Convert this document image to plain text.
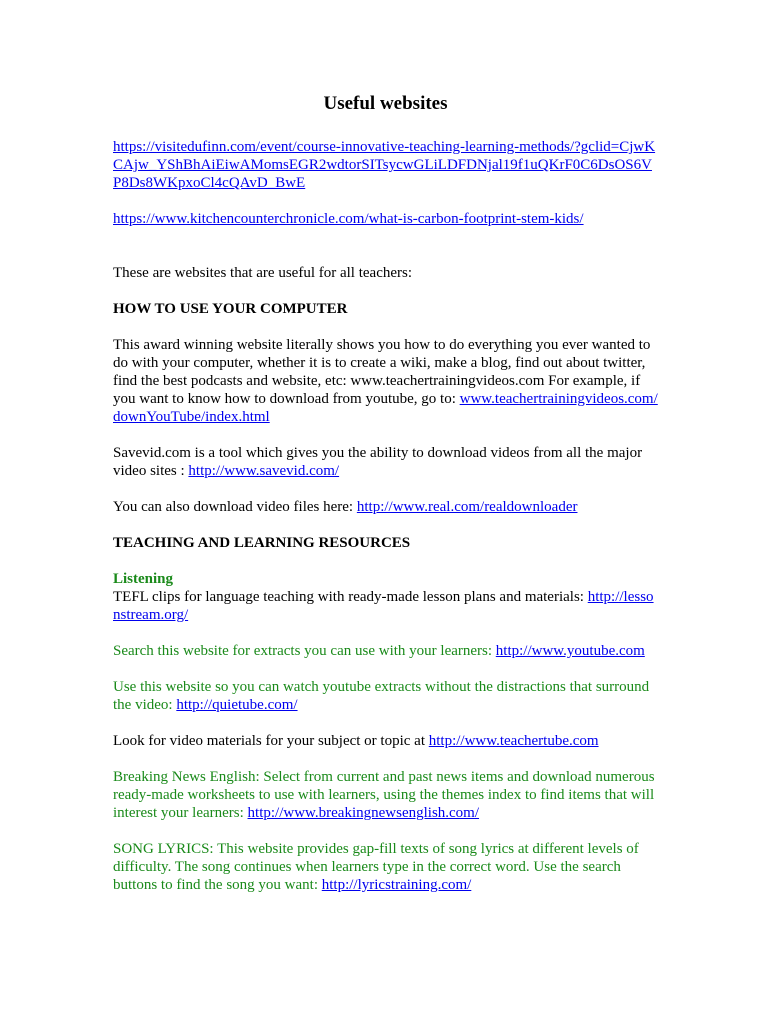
Useful websites

https://visitedufinn.com/event/course-innovative-teaching-learning-methods/?gclid=CjwKCAjw_YShBhAiEiwAMomsEGR2wdtorSITsycwGLiLDFDNjal19f1uQKrF0C6DsOS6VP8Ds8WKpxoCl4cQAvD_BwE

https://www.kitchencounterchronicle.com/what-is-carbon-footprint-stem-kids/

These are websites that are useful for all teachers:

HOW TO USE YOUR COMPUTER

This award winning website literally shows you how to do everything you ever wanted to do with your computer, whether it is to create a wiki, make a blog, find out about twitter, find the best podcasts and website, etc: www.teachertrainingvideos.com For example, if you want to know how to download from youtube, go to: www.teachertrainingvideos.com/downYouTube/index.html

Savevid.com is a tool which gives you the ability to download videos from all the major video sites : http://www.savevid.com/

You can also download video files here: http://www.real.com/realdownloader

TEACHING AND LEARNING RESOURCES

Listening
TEFL clips for language teaching with ready-made lesson plans and materials: http://lessonstream.org/

Search this website for extracts you can use with your learners: http://www.youtube.com

Use this website so you can watch youtube extracts without the distractions that surround the video: http://quietube.com/

Look for video materials for your subject or topic at http://www.teachertube.com

Breaking News English: Select from current and past news items and download numerous ready-made worksheets to use with learners, using the themes index to find items that will interest your learners: http://www.breakingnewsenglish.com/

SONG LYRICS: This website provides gap-fill texts of song lyrics at different levels of difficulty. The song continues when learners type in the correct word. Use the search buttons to find the song you want: http://lyricstraining.com/
